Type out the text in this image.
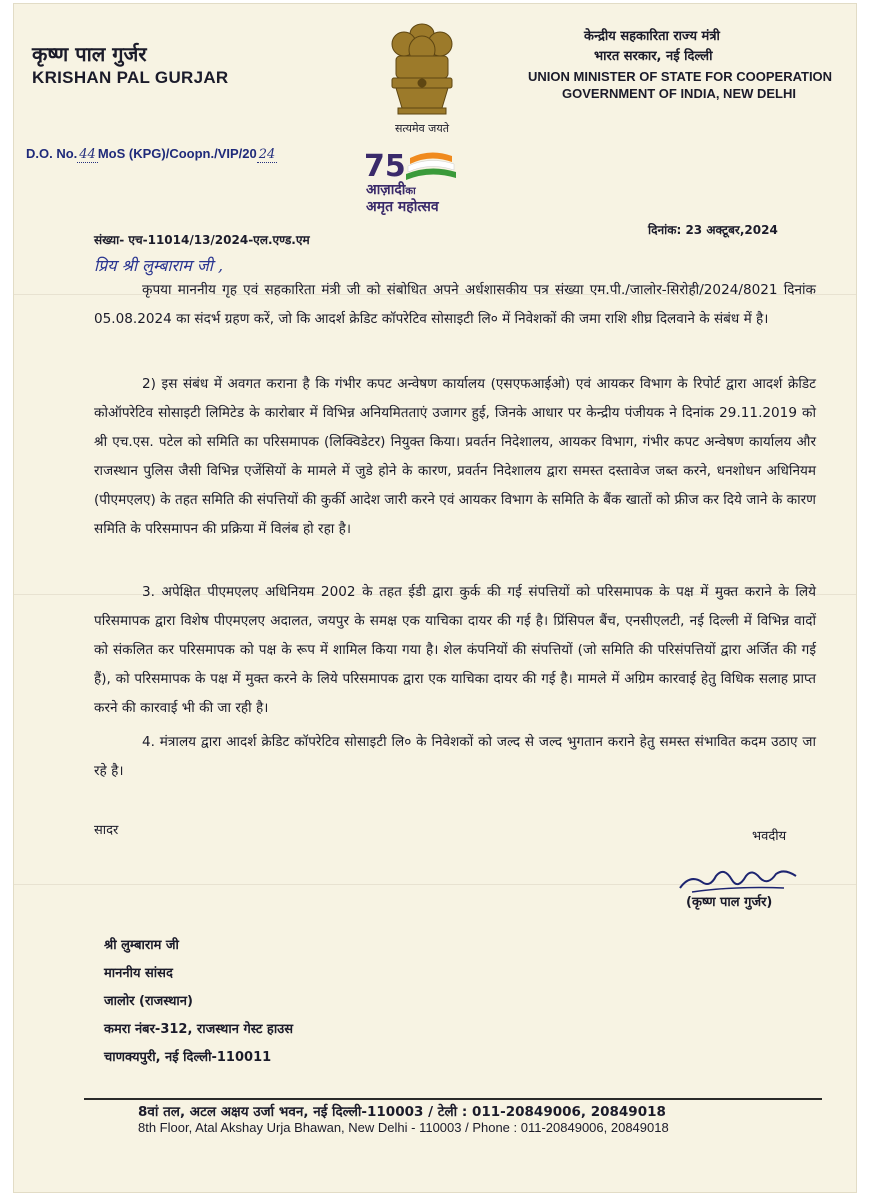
कृष्ण पाल गुर्जर
KRISHAN PAL GURJAR
केन्द्रीय सहकारिता राज्य मंत्री
भारत सरकार, नई दिल्ली
UNION MINISTER OF STATE FOR COOPERATION
GOVERNMENT OF INDIA, NEW DELHI
सत्यमेव जयते
75
आज़ादीका
अमृत महोत्सव
D.O. No. 44 MoS (KPG)/Coopn./VIP/20 24
दिनांक: 23 अक्टूबर,2024
संख्या- एच-11014/13/2024-एल.एण्ड.एम
प्रिय श्री लुम्बाराम जी ,
कृपया माननीय गृह एवं सहकारिता मंत्री जी को संबोधित अपने अर्धशासकीय पत्र संख्या एम.पी./जालोर-सिरोही/2024/8021 दिनांक 05.08.2024 का संदर्भ ग्रहण करें, जो कि आदर्श क्रेडिट कॉपरेटिव सोसाइटी लि० में निवेशकों की जमा राशि शीघ्र दिलवाने के संबंध में है।
2) इस संबंध में अवगत कराना है कि गंभीर कपट अन्वेषण कार्यालय (एसएफआईओ) एवं आयकर विभाग के रिपोर्ट द्वारा आदर्श क्रेडिट कोऑपरेटिव सोसाइटी लिमिटेड के कारोबार में विभिन्न अनियमितताएं उजागर हुई, जिनके आधार पर केन्द्रीय पंजीयक ने दिनांक 29.11.2019 को श्री एच.एस. पटेल को समिति का परिसमापक (लिक्विडेटर) नियुक्त किया। प्रवर्तन निदेशालय, आयकर विभाग, गंभीर कपट अन्वेषण कार्यालय और राजस्थान पुलिस जैसी विभिन्न एजेंसियों के मामले में जुडे होने के कारण, प्रवर्तन निदेशालय द्वारा समस्त दस्तावेज जब्त करने, धनशोधन अधिनियम (पीएमएलए) के तहत समिति की संपत्तियों की कुर्की आदेश जारी करने एवं आयकर विभाग के समिति के बैंक खातों को फ्रीज कर दिये जाने के कारण समिति के परिसमापन की प्रक्रिया में विलंब हो रहा है।
3. अपेक्षित पीएमएलए अधिनियम 2002 के तहत ईडी द्वारा कुर्क की गई संपत्तियों को परिसमापक के पक्ष में मुक्त कराने के लिये परिसमापक द्वारा विशेष पीएमएलए अदालत, जयपुर के समक्ष एक याचिका दायर की गई है। प्रिंसिपल बैंच, एनसीएलटी, नई दिल्ली में विभिन्न वादों को संकलित कर परिसमापक को पक्ष के रूप में शामिल किया गया है। शेल कंपनियों की संपत्तियों (जो समिति की परिसंपत्तियों द्वारा अर्जित की गई हैं), को परिसमापक के पक्ष में मुक्त करने के लिये परिसमापक द्वारा एक याचिका दायर की गई है। मामले में अग्रिम कारवाई हेतु विधिक सलाह प्राप्त करने की कारवाई भी की जा रही है।
4. मंत्रालय द्वारा आदर्श क्रेडिट कॉपरेटिव सोसाइटी लि० के निवेशकों को जल्द से जल्द भुगतान कराने हेतु समस्त संभावित कदम उठाए जा रहे है।
सादर	भवदीय
(कृष्ण पाल गुर्जर)
श्री लुम्बाराम जी
माननीय सांसद
जालोर (राजस्थान)
कमरा नंबर-312, राजस्थान गेस्ट हाउस
चाणक्यपुरी, नई दिल्ली-110011
8वां तल, अटल अक्षय उर्जा भवन, नई दिल्ली-110003 / टेली : 011-20849006, 20849018
8th Floor, Atal Akshay Urja Bhawan, New Delhi - 110003 / Phone : 011-20849006, 20849018
